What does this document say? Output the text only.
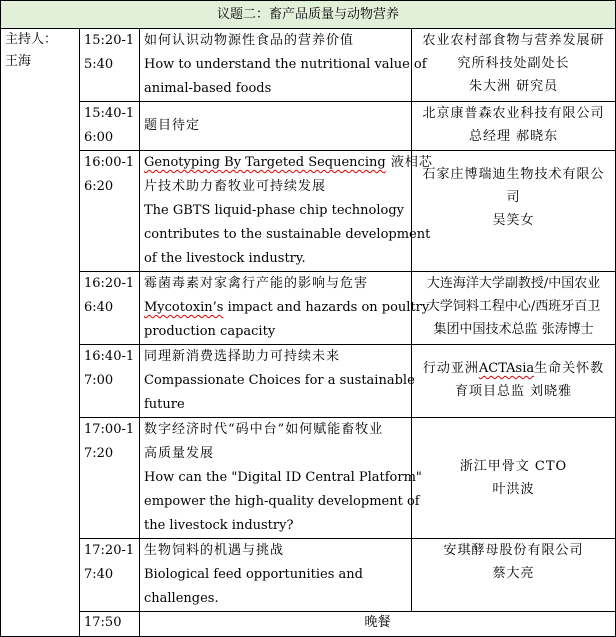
议题二：畜产品质量与动物营养			

主持人：
王海	15:20-1
5:40	如何认识动物源性食品的营养价值
How to understand the nutritional value of
animal-based foods	农业农村部食物与营养发展研
究所科技处副处长
朱大洲 研究员

	15:40-1
6:00	题目待定	北京康普森农业科技有限公司
总经理 郝晓东

	16:00-1
6:20	Genotyping By Targeted Sequencing 液相芯
片技术助力畜牧业可持续发展
The GBTS liquid-phase chip technology
contributes to the sustainable development
of the livestock industry.	石家庄博瑞迪生物技术有限公
司
吴笑女

	16:20-1
6:40	霉菌毒素对家禽行产能的影响与危害
Mycotoxin’s impact and hazards on poultry
production capacity	大连海洋大学副教授/中国农业
大学饲料工程中心/西班牙百卫
集团中国技术总监 张涛博士

	16:40-1
7:00	同理新消费选择助力可持续未来
Compassionate Choices for a sustainable
future	行动亚洲ACTAsia生命关怀教
育项目总监 刘晓雅

	17:00-1
7:20	数字经济时代“码中台”如何赋能畜牧业
高质量发展
How can the "Digital ID Central Platform"
empower the high-quality development of
the livestock industry?	浙江甲骨文 CTO
叶洪波

	17:20-1
7:40	生物饲料的机遇与挑战
Biological feed opportunities and
challenges.	安琪酵母股份有限公司
蔡大亮

	17:50	晚餐	
